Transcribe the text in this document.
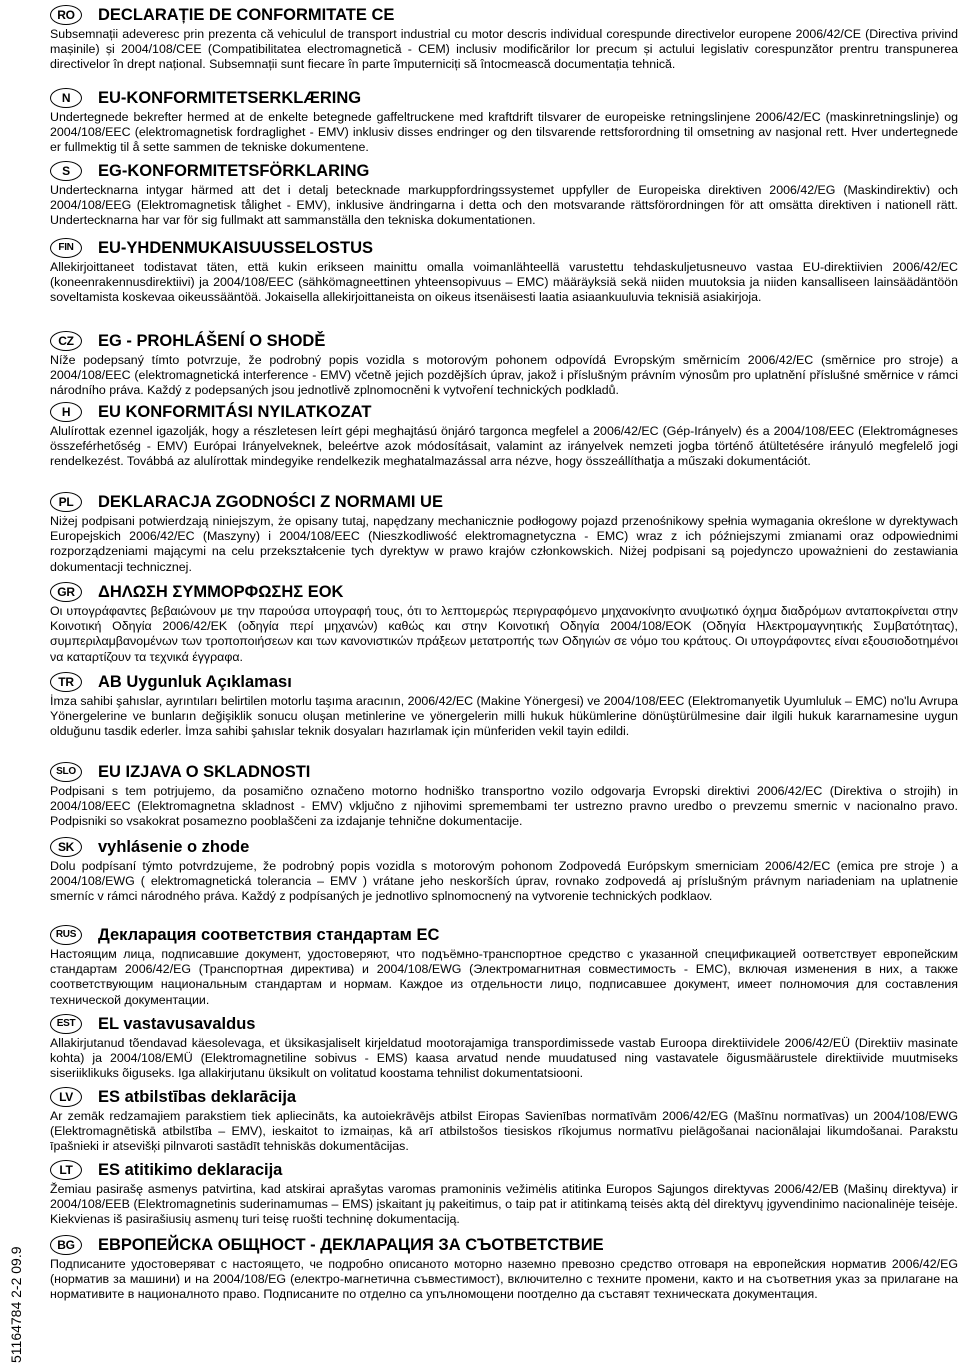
RO	DECLARAȚIE DE CONFORMITATE CE
Subsemnații adeveresc prin prezenta că vehiculul de transport industrial cu motor descris individual corespunde directivelor europene 2006/42/CE (Directiva privind mașinile) și 2004/108/CEE (Compatibilitatea electromagnetică - CEM) inclusiv modificărilor lor precum și actului legislativ corespunzător prentru transpunerea directivelor în drept național. Subsemnații sunt fiecare în parte împuterniciți să întocmească documentația tehnică.
N	EU-KONFORMITETSERKLÆRING
Undertegnede bekrefter hermed at de enkelte betegnede gaffeltruckene med kraftdrift tilsvarer de europeiske retningslinjene 2006/42/EC (maskinretningslinje) og 2004/108/EEC (elektromagnetisk fordraglighet - EMV) inklusiv disses endringer og den tilsvarende rettsforordning til omsetning av nasjonal rett. Hver undertegnede er fullmektig til å sette sammen de tekniske dokumentene.
S	EG-KONFORMITETSFÖRKLARING
Undertecknarna intygar härmed att det i detalj betecknade markuppfordringssystemet uppfyller de Europeiska direktiven 2006/42/EG (Maskindirektiv) och 2004/108/EEG (Elektromagnetisk tålighet - EMV), inklusive ändringarna i detta och den motsvarande rättsförordningen för att omsätta direktiven i nationell rätt. Undertecknarna har var för sig fullmakt att sammanställa den tekniska dokumentationen.
FIN	EU-YHDENMUKAISUUSSELOSTUS
Allekirjoittaneet todistavat täten, että kukin erikseen mainittu omalla voimanlähteellä varustettu tehdaskuljetusneuvo vastaa EU-direktiivien 2006/42/EC (koneenrakennusdirektiivi) ja 2004/108/EEC (sähkömagneettinen yhteensopivuus – EMC) määräyksiä sekä niiden muutoksia ja niiden kansalliseen lainsäädäntöön soveltamista koskevaa oikeussääntöä. Jokaisella allekirjoittaneista on oikeus itsenäisesti laatia asiaankuuluvia teknisiä asiakirjoja.
CZ	EG - PROHLÁŠENÍ O SHODĚ
Níže podepsaný tímto potvrzuje, že podrobný popis vozidla s motorovým pohonem odpovídá Evropským směrnicím 2006/42/EC (směrnice pro stroje) a 2004/108/EEC (elektromagnetická interference - EMV) včetně jejich pozdějších úprav, jakož i příslušným právním výnosům pro uplatnění příslušné směrnice v rámci národního práva. Každý z podepsaných jsou jednotlivě zplnomocněni k vytvoření technických podkladů.
H	EU KONFORMITÁSI NYILATKOZAT
Alulírottak ezennel igazolják, hogy a részletesen leírt gépi meghajtású önjáró targonca megfelel a 2006/42/EC (Gép-Irányelv) és a 2004/108/EEC (Elektromágneses összeférhetőség - EMV) Európai Irányelveknek, beleértve azok módosításait, valamint az irányelvek nemzeti jogba történő átültetésére irányuló megfelelő jogi rendelkezést. Továbbá az alulírottak mindegyike rendelkezik meghatalmazással arra nézve, hogy összeállíthatja a műszaki dokumentációt.
PL	DEKLARACJA ZGODNOŚCI Z NORMAMI UE
Niżej podpisani potwierdzają niniejszym, że opisany tutaj, napędzany mechanicznie podłogowy pojazd przenośnikowy spełnia wymagania określone w dyrektywach Europejskich 2006/42/EC (Maszyny) i 2004/108/EEC (Nieszkodliwość elektromagnetyczna - EMC) wraz z ich późniejszymi zmianami oraz odpowiednimi rozporządzeniami mającymi na celu przekształcenie tych dyrektyw w prawo krajów członkowskich. Niżej podpisani są pojedynczo upoważnieni do zestawiania dokumentacji technicznej.
GR	ΔΗΛΩΣΗ ΣΥΜΜΟΡΦΩΣΗΣ ΕΟΚ
Οι υπογράφαντες βεβαιώνουν με την παρούσα υπογραφή τους, ότι το λεπτομερώς περιγραφόμενο μηχανοκίνητο ανυψωτικό όχημα διαδρόμων ανταποκρίνεται στην Κοινοτική Οδηγία 2006/42/ΕΚ (οδηγία περί μηχανών) καθώς και στην Κοινοτική Οδηγία 2004/108/ΕΟΚ (Οδηγία Ηλεκτρομαγνητικής Συμβατότητας), συμπεριλαμβανομένων των τροποποιήσεων και των κανονιστικών πράξεων μετατροπής των Οδηγιών σε νόμο του κράτους. Οι υπογράφοντες είναι εξουσιοδοτημένοι να καταρτίζουν τα τεχνικά έγγραφα.
TR	AB Uygunluk Açıklaması
İmza sahibi şahıslar, ayrıntıları belirtilen motorlu taşıma aracının, 2006/42/EC (Makine Yönergesi) ve 2004/108/EEC (Elektromanyetik Uyumluluk – EMC) no'lu Avrupa Yönergelerine ve bunların değişiklik sonucu oluşan metinlerine ve yönergelerin milli hukuk hükümlerine dönüştürülmesine dair ilgili hukuk kararnamesine uygun olduğunu tasdik ederler. İmza sahibi şahıslar teknik dosyaları hazırlamak için münferiden vekil tayin edildi.
SLO	EU IZJAVA O SKLADNOSTI
Podpisani s tem potrjujemo, da posamično označeno motorno hodniško transportno vozilo odgovarja Evropski direktivi 2006/42/EC (Direktiva o strojih) in 2004/108/EEC (Elektromagnetna skladnost - EMV) vključno z njihovimi spremembami ter ustrezno pravno uredbo o prevzemu smernic v nacionalno pravo. Podpisniki so vsakokrat posamezno pooblaščeni za izdajanje tehnične dokumentacije.
SK	vyhlásenie o zhode
Dolu podpísaní týmto potvrdzujeme, že podrobný popis vozidla s motorovým pohonom Zodpovedá Európskym smerniciam 2006/42/EC (emica pre stroje ) a 2004/108/EWG ( elektromagnetická tolerancia – EMV ) vrátane jeho neskorších úprav, rovnako zodpovedá aj príslušným právnym nariadeniam na uplatnenie smerníc v rámci národného práva. Každý z podpísaných je jednotlivo splnomocnený na vytvorenie technických podklaov.
RUS	Декларация соответствия стандартам ЕС
Настоящим лица, подписавшие документ, удостоверяют, что подъёмно-транспортное средство с указанной спецификацией оответствует европейским стандартам 2006/42/EG (Транспортная директива) и 2004/108/EWG (Электромагнитная совместимость - EMC), включая изменения в них, а также соответствующим национальным стандартам и нормам. Каждое из отдельности лицо, подписавшее документ, имеет полномочия для составления технической документации.
EST	EL vastavusavaldus
Allakirjutanud tõendavad käesolevaga, et üksikasjaliselt kirjeldatud mootorajamiga transpordimissede vastab Euroopa direktiividele 2006/42/EÜ (Direktiiv masinate kohta) ja 2004/108/EMÜ (Elektromagnetiline sobivus - EMS) kaasa arvatud nende muudatused ning vastavatele õigusmäärustele direktiivide muutmiseks siseriiklikuks õiguseks. Iga allakirjutanu üksikult on volitatud koostama tehnilist dokumentatsiooni.
LV	ES atbilstības deklarācija
Ar zemāk redzamajiem parakstiem tiek apliecināts, ka autoiekrāvējs atbilst Eiropas Savienības normatīvām 2006/42/EG (Mašīnu normatīvas) un 2004/108/EWG (Elektromagnētiskā atbilstība – EMV), ieskaitot to izmaiņas, kā arī atbilstošos tiesiskos rīkojumus normatīvu pielāgošanai nacionālajai likumdošanai. Parakstu īpašnieki ir atsevišķi pilnvaroti sastādīt tehniskās dokumentācijas.
LT	ES atitikimo deklaracija
Žemiau pasirašę asmenys patvirtina, kad atskirai aprašytas varomas pramoninis vežimėlis atitinka Europos Sąjungos direktyvas 2006/42/EB (Mašinų direktyva) ir 2004/108/EEB (Elektromagnetinis suderinamumas – EMS) įskaitant jų pakeitimus, o taip pat ir atitinkamą teisės aktą dėl direktyvų įgyvendinimo nacionalinėje teisėje. Kiekvienas iš pasirašiusių asmenų turi teisę ruošti techninę dokumentaciją.
BG	ЕВРОПЕЙСКА ОБЩНОСТ - ДЕКЛАРАЦИЯ ЗА СЪОТВЕТСТВИЕ
Подписаните удостоверяват с настоящето, че подробно описаното моторно наземно превозно средство отговаря на европейския норматив 2006/42/EG (норматив за машини) и на 2004/108/EG (електро-магнетична съвместимост), включително с техните промени, както и на съответния указ за прилагане на нормативите в националното право. Подписаните по отделно са упълномощени поотделно да съставят техническата документация.
51164784 2-2 09.9
